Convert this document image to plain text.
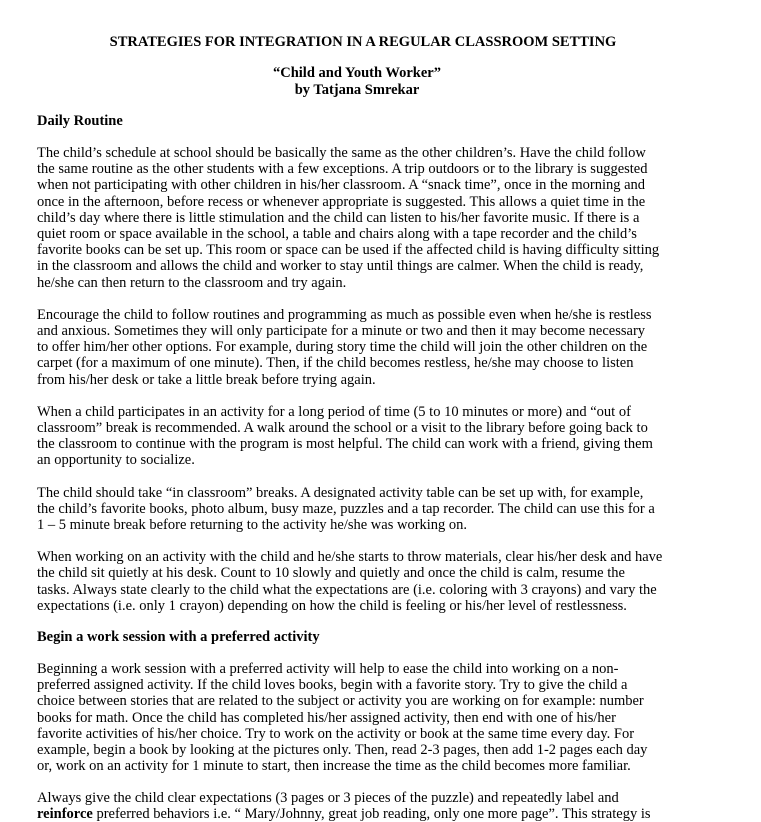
STRATEGIES FOR INTEGRATION IN A REGULAR CLASSROOM SETTING
“Child and Youth Worker”
by Tatjana Smrekar
Daily Routine
The child’s schedule at school should be basically the same as the other children’s. Have the child follow
the same routine as the other students with a few exceptions. A trip outdoors or to the library is suggested
when not participating with other children in his/her classroom. A “snack time”, once in the morning and
once in the afternoon, before recess or whenever appropriate is suggested. This allows a quiet time in the
child’s day where there is little stimulation and the child can listen to his/her favorite music. If there is a
quiet room or space available in the school, a table and chairs along with a tape recorder and the child’s
favorite books can be set up. This room or space can be used if the affected child is having difficulty sitting
in the classroom and allows the child and worker to stay until things are calmer. When the child is ready,
he/she can then return to the classroom and try again.
Encourage the child to follow routines and programming as much as possible even when he/she is restless
and anxious. Sometimes they will only participate for a minute or two and then it may become necessary
to offer him/her other options. For example, during story time the child will join the other children on the
carpet (for a maximum of one minute). Then, if the child becomes restless, he/she may choose to listen
from his/her desk or take a little break before trying again.
When a child participates in an activity for a long period of time (5 to 10 minutes or more) and “out of
classroom” break is recommended. A walk around the school or a visit to the library before going back to
the classroom to continue with the program is most helpful. The child can work with a friend, giving them
an opportunity to socialize.
The child should take “in classroom” breaks. A designated activity table can be set up with, for example,
the child’s favorite books, photo album, busy maze, puzzles and a tap recorder. The child can use this for a
1 – 5 minute break before returning to the activity he/she was working on.
When working on an activity with the child and he/she starts to throw materials, clear his/her desk and have
the child sit quietly at his desk. Count to 10 slowly and quietly and once the child is calm, resume the
tasks. Always state clearly to the child what the expectations are (i.e. coloring with 3 crayons) and vary the
expectations (i.e. only 1 crayon) depending on how the child is feeling or his/her level of restlessness.
Begin a work session with a preferred activity
Beginning a work session with a preferred activity will help to ease the child into working on a non-
preferred assigned activity. If the child loves books, begin with a favorite story. Try to give the child a
choice between stories that are related to the subject or activity you are working on for example: number
books for math. Once the child has completed his/her assigned activity, then end with one of his/her
favorite activities of his/her choice. Try to work on the activity or book at the same time every day. For
example, begin a book by looking at the pictures only. Then, read 2-3 pages, then add 1-2 pages each day
or, work on an activity for 1 minute to start, then increase the time as the child becomes more familiar.
Always give the child clear expectations (3 pages or 3 pieces of the puzzle) and repeatedly label and
reinforce preferred behaviors i.e. “ Mary/Johnny, great job reading, only one more page”. This strategy is
